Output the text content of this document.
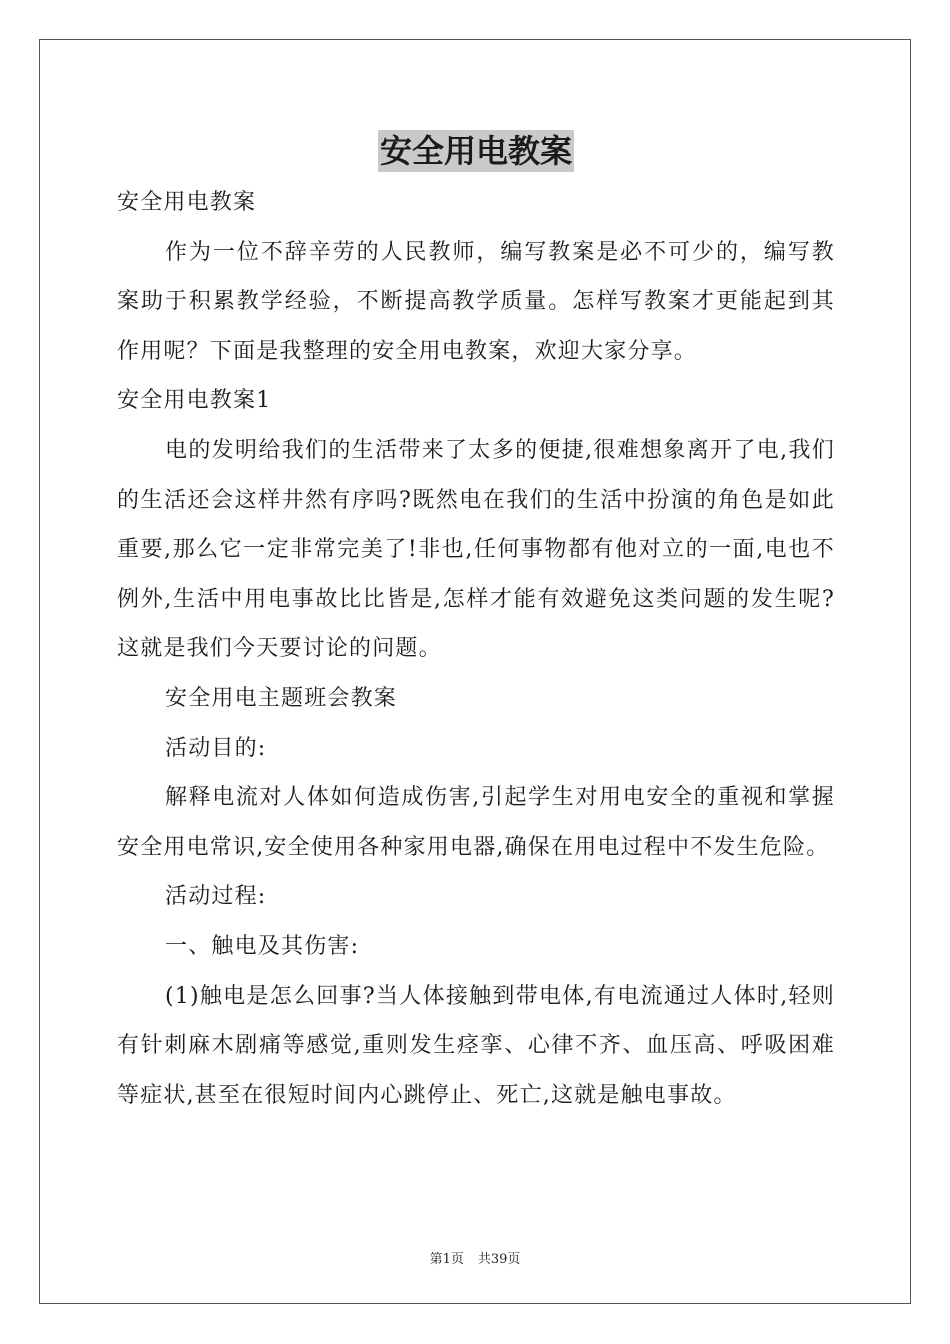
安全用电教案

安全用电教案

作为一位不辞辛劳的人民教师，编写教案是必不可少的，编写教案助于积累教学经验，不断提高教学质量。怎样写教案才更能起到其作用呢？下面是我整理的安全用电教案，欢迎大家分享。

安全用电教案1

电的发明给我们的生活带来了太多的便捷,很难想象离开了电,我们的生活还会这样井然有序吗?既然电在我们的生活中扮演的角色是如此重要,那么它一定非常完美了!非也,任何事物都有他对立的一面,电也不例外,生活中用电事故比比皆是,怎样才能有效避免这类问题的发生呢?这就是我们今天要讨论的问题。

安全用电主题班会教案

活动目的:

解释电流对人体如何造成伤害,引起学生对用电安全的重视和掌握安全用电常识,安全使用各种家用电器,确保在用电过程中不发生危险。

活动过程:

一、触电及其伤害:

(1)触电是怎么回事?当人体接触到带电体,有电流通过人体时,轻则有针刺麻木剧痛等感觉,重则发生痉挛、心律不齐、血压高、呼吸困难等症状,甚至在很短时间内心跳停止、死亡,这就是触电事故。

第1页 共39页
